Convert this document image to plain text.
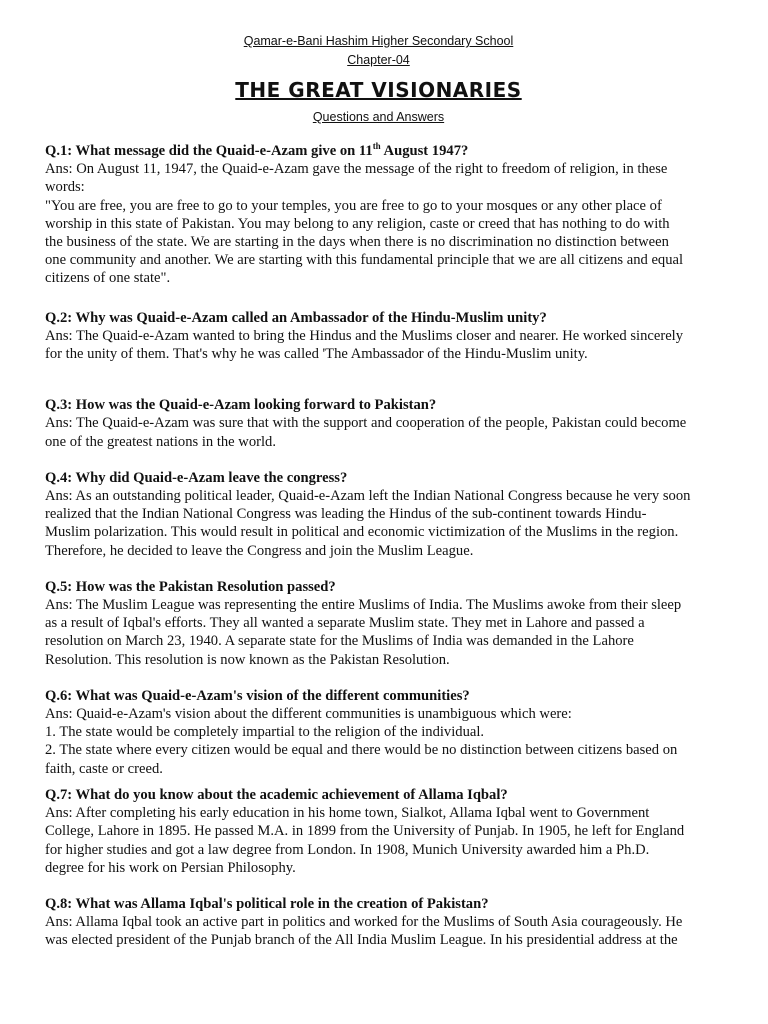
Qamar-e-Bani Hashim Higher Secondary School
Chapter-04
THE GREAT VISIONARIES
Questions and Answers

Q.1: What message did the Quaid-e-Azam give on 11th August 1947?

Ans: On August 11, 1947, the Quaid-e-Azam gave the message of the right to freedom of religion, in these

words:

"You are free, you are free to go to your temples, you are free to go to your mosques or any other place of

worship in this state of Pakistan. You may belong to any religion, caste or creed that has nothing to do with

the business of the state. We are starting in the days when there is no discrimination no distinction between

one community and another. We are starting with this fundamental principle that we are all citizens and equal

citizens of one state".

Q.2: Why was Quaid-e-Azam called an Ambassador of the Hindu-Muslim unity?

Ans: The Quaid-e-Azam wanted to bring the Hindus and the Muslims closer and nearer. He worked sincerely

for the unity of them. That's why he was called 'The Ambassador of the Hindu-Muslim unity.

Q.3: How was the Quaid-e-Azam looking forward to Pakistan?

Ans: The Quaid-e-Azam was sure that with the support and cooperation of the people, Pakistan could become

one of the greatest nations in the world.

Q.4: Why did Quaid-e-Azam leave the congress?

Ans: As an outstanding political leader, Quaid-e-Azam left the Indian National Congress because he very soon

realized that the Indian National Congress was leading the Hindus of the sub-continent towards Hindu-

Muslim polarization. This would result in political and economic victimization of the Muslims in the region.

Therefore, he decided to leave the Congress and join the Muslim League.

Q.5: How was the Pakistan Resolution passed?

Ans: The Muslim League was representing the entire Muslims of India. The Muslims awoke from their sleep

as a result of Iqbal's efforts. They all wanted a separate Muslim state. They met in Lahore and passed a

resolution on March 23, 1940. A separate state for the Muslims of India was demanded in the Lahore

Resolution. This resolution is now known as the Pakistan Resolution.

Q.6: What was Quaid-e-Azam's vision of the different communities?

Ans: Quaid-e-Azam's vision about the different communities is unambiguous which were:

1. The state would be completely impartial to the religion of the individual.

2. The state where every citizen would be equal and there would be no distinction between citizens based on

faith, caste or creed.

Q.7: What do you know about the academic achievement of Allama Iqbal?

Ans: After completing his early education in his home town, Sialkot, Allama Iqbal went to Government

College, Lahore in 1895. He passed M.A. in 1899 from the University of Punjab. In 1905, he left for England

for higher studies and got a law degree from London. In 1908, Munich University awarded him a Ph.D.

degree for his work on Persian Philosophy.

Q.8: What was Allama Iqbal's political role in the creation of Pakistan?

Ans: Allama Iqbal took an active part in politics and worked for the Muslims of South Asia courageously. He

was elected president of the Punjab branch of the All India Muslim League. In his presidential address at the
